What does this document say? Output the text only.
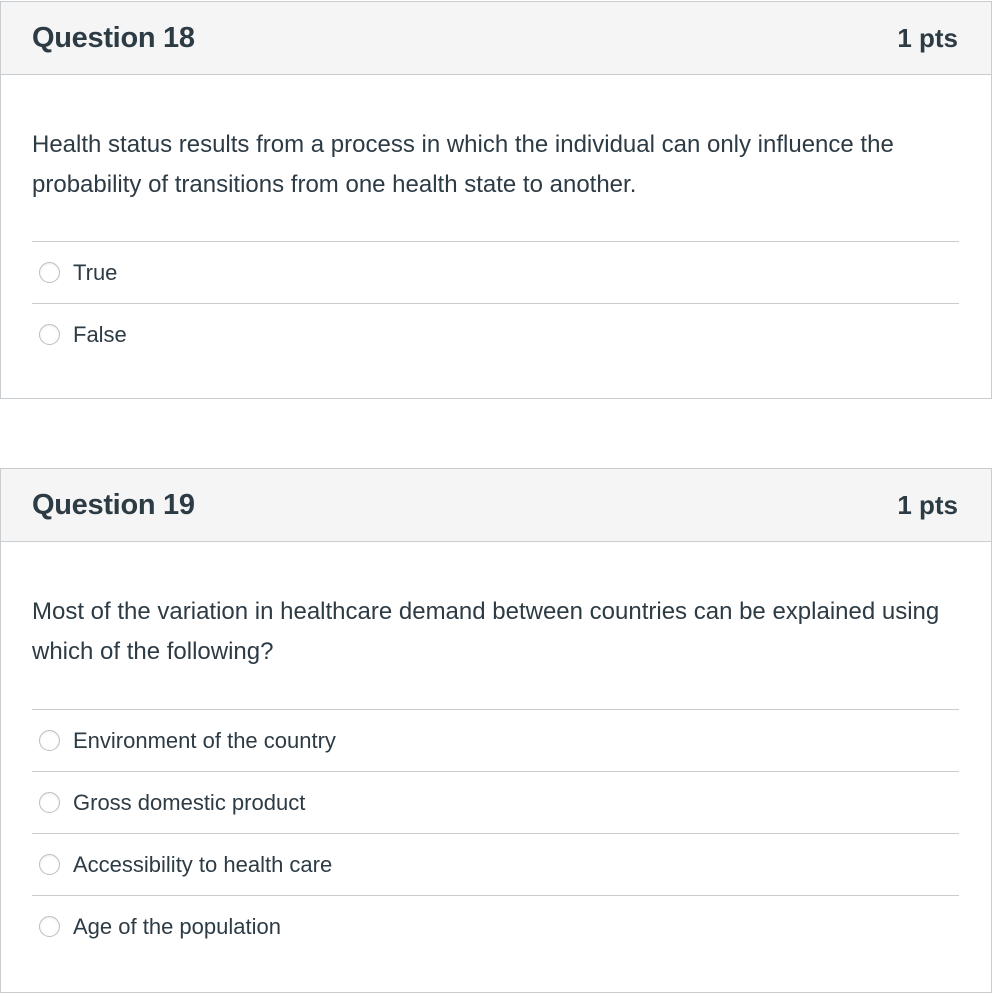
Question 18	1 pts
Health status results from a process in which the individual can only influence the probability of transitions from one health state to another.
True
False
Question 19	1 pts
Most of the variation in healthcare demand between countries can be explained using which of the following?
Environment of the country
Gross domestic product
Accessibility to health care
Age of the population
